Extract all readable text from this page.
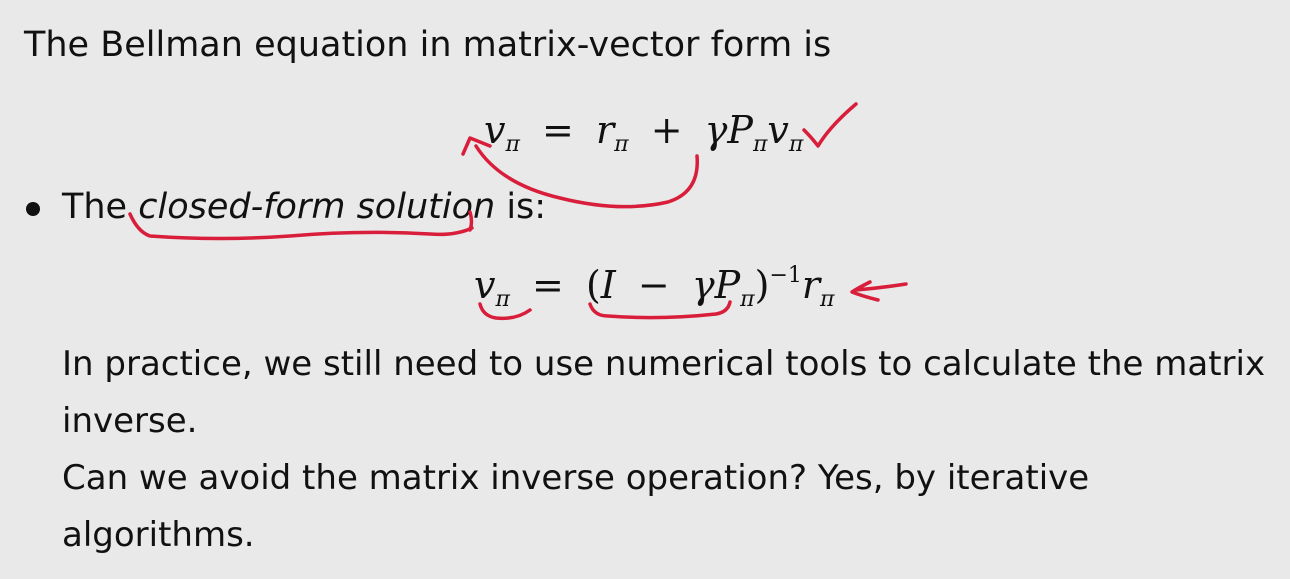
The Bellman equation in matrix-vector form is
$v_\pi = r_\pi + \gamma P_\pi v_\pi$
The closed-form solution is:
$v_\pi = (I - \gamma P_\pi)^{-1}r_\pi$
In practice, we still need to use numerical tools to calculate the matrix
inverse.
Can we avoid the matrix inverse operation? Yes, by iterative
algorithms.
